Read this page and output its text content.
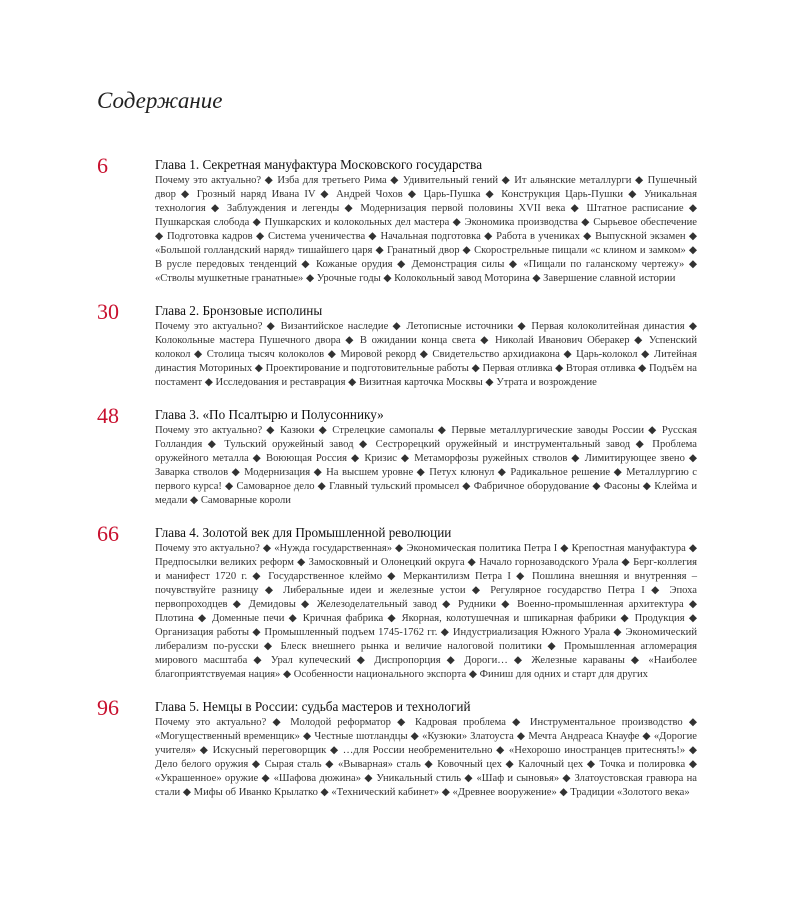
Содержание
6	Глава 1. Секретная мануфактура Московского государства

Почему это актуально? ◆ Изба для третьего Рима ◆ Удивительный гений ◆ Ит альянские металлурги ◆ Пушечный двор ◆ Грозный наряд Ивана IV ◆ Андрей Чохов ◆ Царь-Пушка ◆ Конструкция Царь-Пушки ◆ Уникальная технология ◆ Заблуждения и легенды ◆ Модернизация первой половины XVII века ◆ Штатное расписание ◆ Пушкарская слобода ◆ Пушкарских и колокольных дел мастера ◆ Экономика производства ◆ Сырьевое обеспечение ◆ Подготовка кадров ◆ Система ученичества ◆ Начальная подготовка ◆ Работа в учениках ◆ Выпускной экзамен ◆ «Большой голландский наряд» тишайшего царя ◆ Гранатный двор ◆ Скорострельные пищали «с клином и замком» ◆ В русле передовых тенденций ◆ Кожаные орудия ◆ Демонстрация силы ◆ «Пищали по галанскому чертежу» ◆ «Стволы мушкетные гранатные» ◆ Урочные годы ◆ Колокольный завод Моторина ◆ Завершение славной истории

30	Глава 2. Бронзовые исполины

Почему это актуально? ◆ Византийское наследие ◆ Летописные источники ◆ Первая колоколитейная династия ◆ Колокольные мастера Пушечного двора ◆ В ожидании конца света ◆ Николай Иванович Оберакер ◆ Успенский колокол ◆ Столица тысяч колоколов ◆ Мировой рекорд ◆ Свидетельство архидиакона ◆ Царь-колокол ◆ Литейная династия Моториных ◆ Проектирование и подготовительные работы ◆ Первая отливка ◆ Вторая отливка ◆ Подъём на постамент ◆ Исследования и реставрация ◆ Визитная карточка Москвы ◆ Утрата и возрождение

48	Глава 3. «По Псалтырю и Полусоннику»

Почему это актуально? ◆ Казюки ◆ Стрелецкие самопалы ◆ Первые металлургические заводы России ◆ Русская Голландия ◆ Тульский оружейный завод ◆ Сестрорецкий оружейный и инструментальный завод ◆ Проблема оружейного металла ◆ Воюющая Россия ◆ Кризис ◆ Метаморфозы ружейных стволов ◆ Лимитирующее звено ◆ Заварка стволов ◆ Модернизация ◆ На высшем уровне ◆ Петух клюнул ◆ Радикальное решение ◆ Металлургию с первого курса! ◆ Самоварное дело ◆ Главный тульский промысел ◆ Фабричное оборудование ◆ Фасоны ◆ Клейма и медали ◆ Самоварные короли

66	Глава 4. Золотой век для Промышленной революции

Почему это актуально? ◆ «Нужда государственная» ◆ Экономическая политика Петра I ◆ Крепостная мануфактура ◆ Предпосылки великих реформ ◆ Замосковный и Олонецкий округа ◆ Начало горнозаводского Урала ◆ Берг-коллегия и манифест 1720 г. ◆ Государственное клеймо ◆ Меркантилизм Петра I ◆ Пошлина внешняя и внутренняя – почувствуйте разницу ◆ Либеральные идеи и железные устои ◆ Регулярное государство Петра I ◆ Эпоха первопроходцев ◆ Демидовы ◆ Железоделательный завод ◆ Рудники ◆ Военно-промышленная архитектура ◆ Плотина ◆ Доменные печи ◆ Кричная фабрика ◆ Якорная, колотушечная и шпикарная фабрики ◆ Продукция ◆ Организация работы ◆ Промышленный подъем 1745-1762 гг. ◆ Индустриализация Южного Урала ◆ Экономический либерализм по-русски ◆ Блеск внешнего рынка и величие налоговой политики ◆ Промышленная агломерация мирового масштаба ◆ Урал купеческий ◆ Диспропорция ◆ Дороги… ◆ Железные караваны ◆ «Наиболее благоприятствуемая нация» ◆ Особенности национального экспорта ◆ Финиш для одних и старт для других

96	Глава 5. Немцы в России: судьба мастеров и технологий

Почему это актуально? ◆ Молодой реформатор ◆ Кадровая проблема ◆ Инструментальное производство ◆ «Могущественный временщик» ◆ Честные шотландцы ◆ «Кузюки» Златоуста ◆ Мечта Андреаса Кнауфе ◆ «Дорогие учителя» ◆ Искусный переговорщик ◆ …для России необременительно ◆ «Нехорошо иностранцев притеснять!» ◆ Дело белого оружия ◆ Сырая сталь ◆ «Выварная» сталь ◆ Ковочный цех ◆ Калочный цех ◆ Точка и полировка ◆ «Украшенное» оружие ◆ «Шафова дюжина» ◆ Уникальный стиль ◆ «Шаф и сыновья» ◆ Златоустовская гравюра на стали ◆ Мифы об Иванко Крылатко ◆ «Технический кабинет» ◆ «Древнее вооружение» ◆ Традиции «Золотого века»
